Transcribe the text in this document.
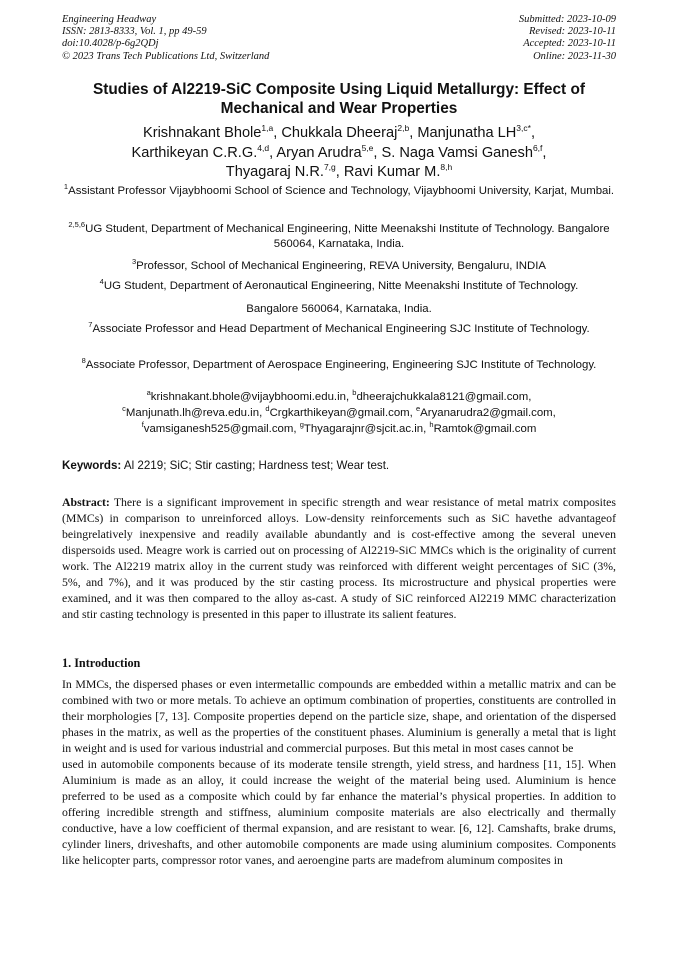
Engineering Headway
ISSN: 2813-8333, Vol. 1, pp 49-59
doi:10.4028/p-6g2QDj
© 2023 Trans Tech Publications Ltd, Switzerland
Submitted: 2023-10-09
Revised: 2023-10-11
Accepted: 2023-10-11
Online: 2023-11-30
Studies of Al2219-SiC Composite Using Liquid Metallurgy: Effect of Mechanical and Wear Properties
Krishnakant Bhole$^{1,a}$, Chukkala Dheeraj$^{2,b}$, Manjunatha $LH^{3,c*}$,
Karthikeyan C.R.G.$^{4,d}$, Aryan Arudra$^{5,e}$, S. Naga Vamsi Ganesh$^{6,f}$,
Thyagaraj N.R.$^{7,g}$, Ravi Kumar M.$^{8,h}$
$^1$Assistant Professor Vijaybhoomi School of Science and Technology, Vijaybhoomi University, Karjat, Mumbai.
$^{2,5,6}$UG Student, Department of Mechanical Engineering, Nitte Meenakshi Institute of Technology. Bangalore 560064, Karnataka, India.
$^3$Professor, School of Mechanical Engineering, REVA University, Bengaluru, INDIA
$^4$UG Student, Department of Aeronautical Engineering, Nitte Meenakshi Institute of Technology.
Bangalore 560064, Karnataka, India.
$^7$Associate Professor and Head Department of Mechanical Engineering SJC Institute of Technology.
$^8$Associate Professor, Department of Aerospace Engineering, Engineering SJC Institute of Technology.
$^a$krishnakant.bhole@vijaybhoomi.edu.in, $^b$dheerajchukkala8121@gmail.com,
$^c$Manjunath.lh@reva.edu.in, $^d$Crgkarthikeyan@gmail.com, $^e$Aryanarudra2@gmail.com,
$^f$vamsiganesh525@gmail.com, $^g$Thyagarajnr@sjcit.ac.in, $^h$Ramtok@gmail.com
Keywords: Al 2219; SiC; Stir casting; Hardness test; Wear test.
Abstract: There is a significant improvement in specific strength and wear resistance of metal matrix composites (MMCs) in comparison to unreinforced alloys. Low-density reinforcements such as SiC havethe advantageof beingrelatively inexpensive and readily available abundantly and is cost-effective among the several uneven dispersoids used. Meagre work is carried out on processing of Al2219-SiC MMCs which is the originality of current work. The Al2219 matrix alloy in the current study was reinforced with different weight percentages of SiC (3%, 5%, and 7%), and it was produced by the stir casting process. Its microstructure and physical properties were examined, and it was then compared to the alloy as-cast. A study of SiC reinforced Al2219 MMC characterization and stir casting technology is presented in this paper to illustrate its salient features.
1. Introduction

In MMCs, the dispersed phases or even intermetallic compounds are embedded within a metallic matrix and can be combined with two or more metals. To achieve an optimum combination of properties, constituents are controlled in their morphologies [7, 13]. Composite properties depend on the particle size, shape, and orientation of the dispersed phases in the matrix, as well as the properties of the constituent phases. Aluminium is generally a metal that is light in weight and is used for various industrial and commercial purposes. But this metal in most cases cannot be

used in automobile components because of its moderate tensile strength, yield stress, and hardness [11, 15]. When Aluminium is made as an alloy, it could increase the weight of the material being used. Aluminium is hence preferred to be used as a composite which could by far enhance the material’s physical properties. In addition to offering incredible strength and stiffness, aluminium composite materials are also electrically and thermally conductive, have a low coefficient of thermal expansion, and are resistant to wear. [6, 12]. Camshafts, brake drums, cylinder liners, driveshafts, and other automobile components are made using aluminium composites. Components like helicopter parts, compressor rotor vanes, and aeroengine parts are madefrom aluminum composites in
